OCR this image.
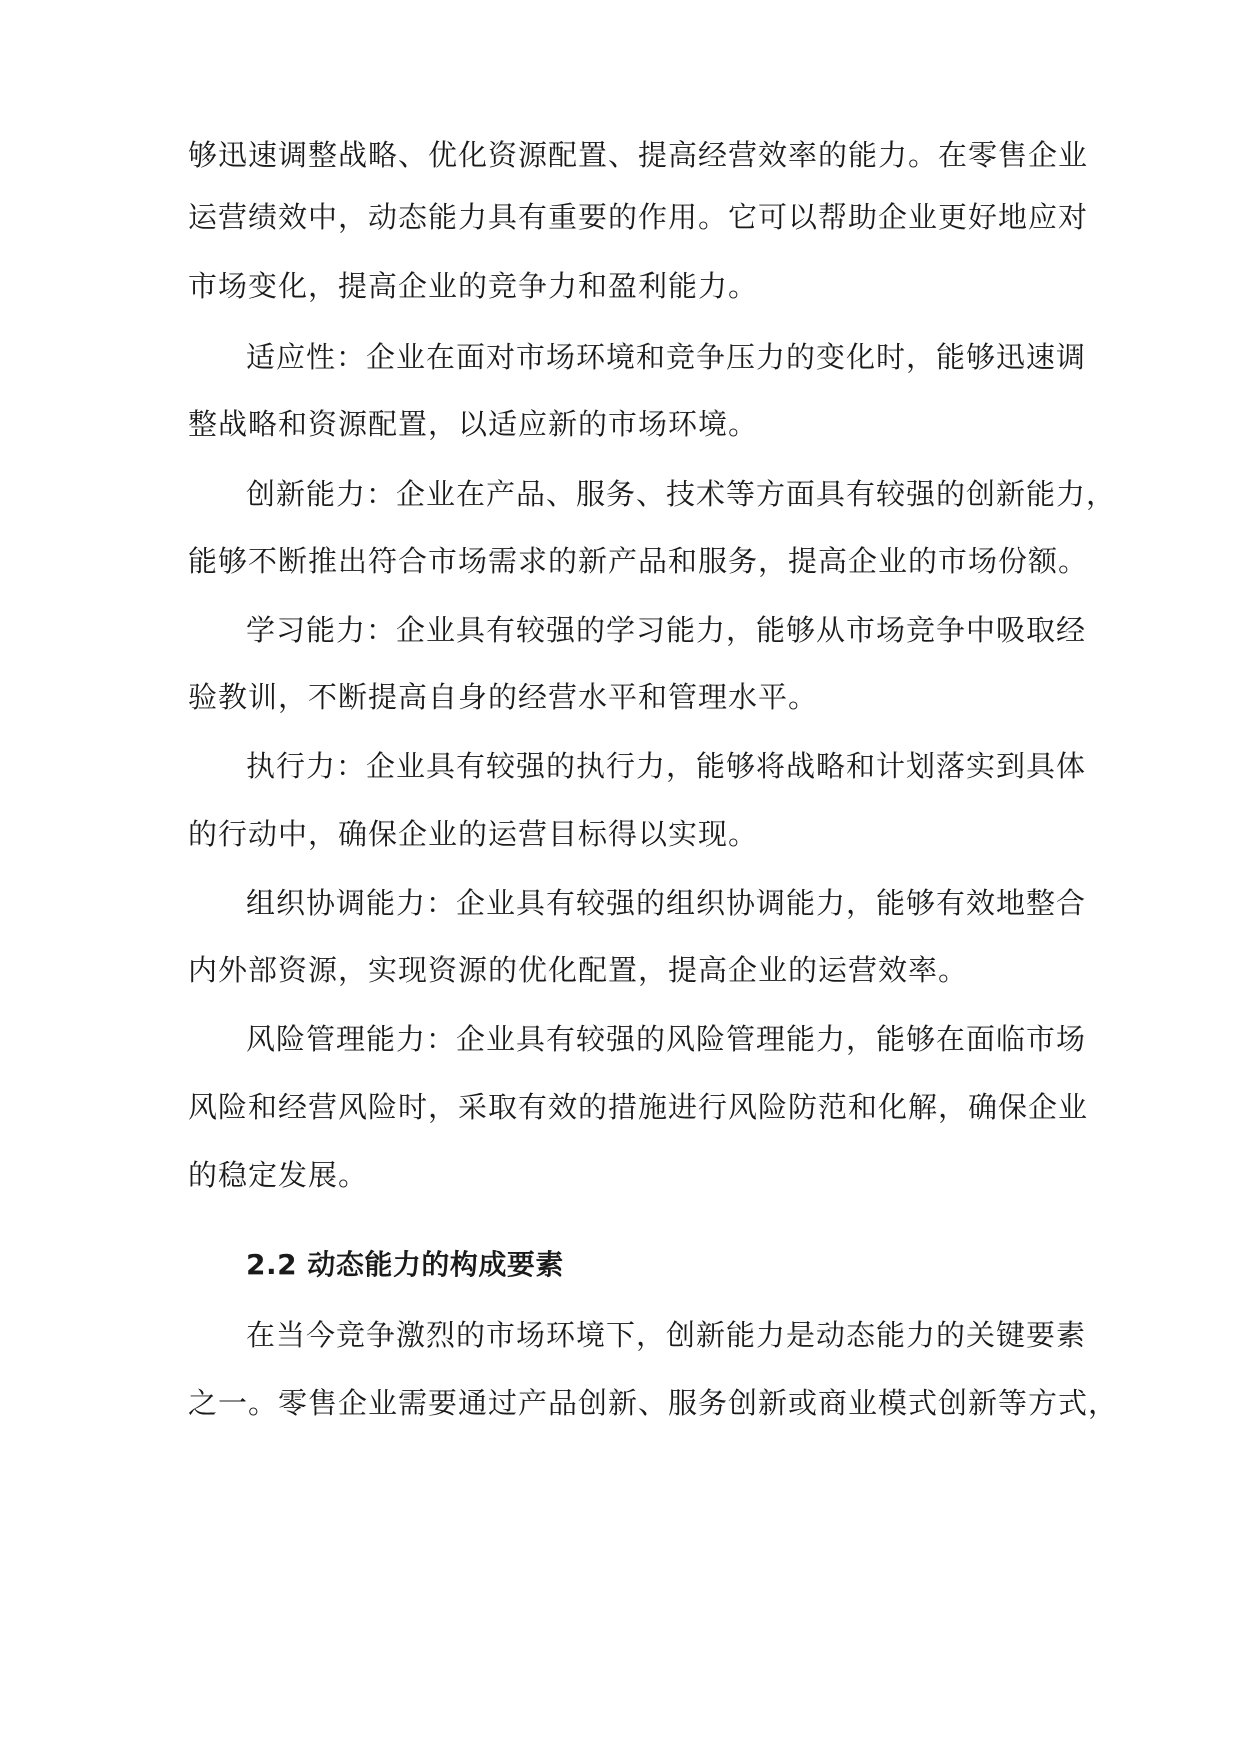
够迅速调整战略、优化资源配置、提高经营效率的能力。在零售企业
运营绩效中，动态能力具有重要的作用。它可以帮助企业更好地应对
市场变化，提高企业的竞争力和盈利能力。
适应性：企业在面对市场环境和竞争压力的变化时，能够迅速调
整战略和资源配置，以适应新的市场环境。
创新能力：企业在产品、服务、技术等方面具有较强的创新能力，
能够不断推出符合市场需求的新产品和服务，提高企业的市场份额。
学习能力：企业具有较强的学习能力，能够从市场竞争中吸取经
验教训，不断提高自身的经营水平和管理水平。
执行力：企业具有较强的执行力，能够将战略和计划落实到具体
的行动中，确保企业的运营目标得以实现。
组织协调能力：企业具有较强的组织协调能力，能够有效地整合
内外部资源，实现资源的优化配置，提高企业的运营效率。
风险管理能力：企业具有较强的风险管理能力，能够在面临市场
风险和经营风险时，采取有效的措施进行风险防范和化解，确保企业
的稳定发展。
2.2 动态能力的构成要素
在当今竞争激烈的市场环境下，创新能力是动态能力的关键要素
之一。零售企业需要通过产品创新、服务创新或商业模式创新等方式，
